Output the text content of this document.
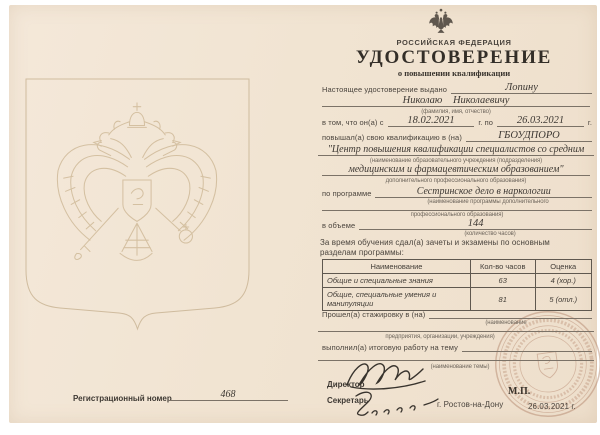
Регистрационный номер	468
РОССИЙСКАЯ ФЕДЕРАЦИЯ
УДОСТОВЕРЕНИЕ
о повышении квалификации
Настоящее удостоверение выдано	Лопину
Николаю Николаевичу
(фамилия, имя, отчество)
в том, что он(а) с	18.02.2021	г. по	26.03.2021	г.
повышал(а) свою квалификацию в (на)	ГБОУДПОРО
"Центр повышения квалификации специалистов со средним
(наименование образовательного учреждения (подразделения)
медицинским и фармацевтическим образованием"
дополнительного профессионального образования)
по программе	Сестринское дело в наркологии
(наименование программы дополнительного
профессионального образования)
в объеме	144
(количество часов)
За время обучения сдал(а) зачеты и экзамены по основным разделам программы:
Наименование	Кол-во часов	Оценка
Общие и специальные знания	63	4 (хор.)
Общие, специальные умения и манипуляции	81	5 (отл.)
Прошел(а) стажировку в (на)
(наименование
предприятия, организации, учреждения)
выполнил(а) итоговую работу на тему
(наименование темы)
Директор
Секретарь	г. Ростов-на-Дону
М.П.
26.03.2021 г.
